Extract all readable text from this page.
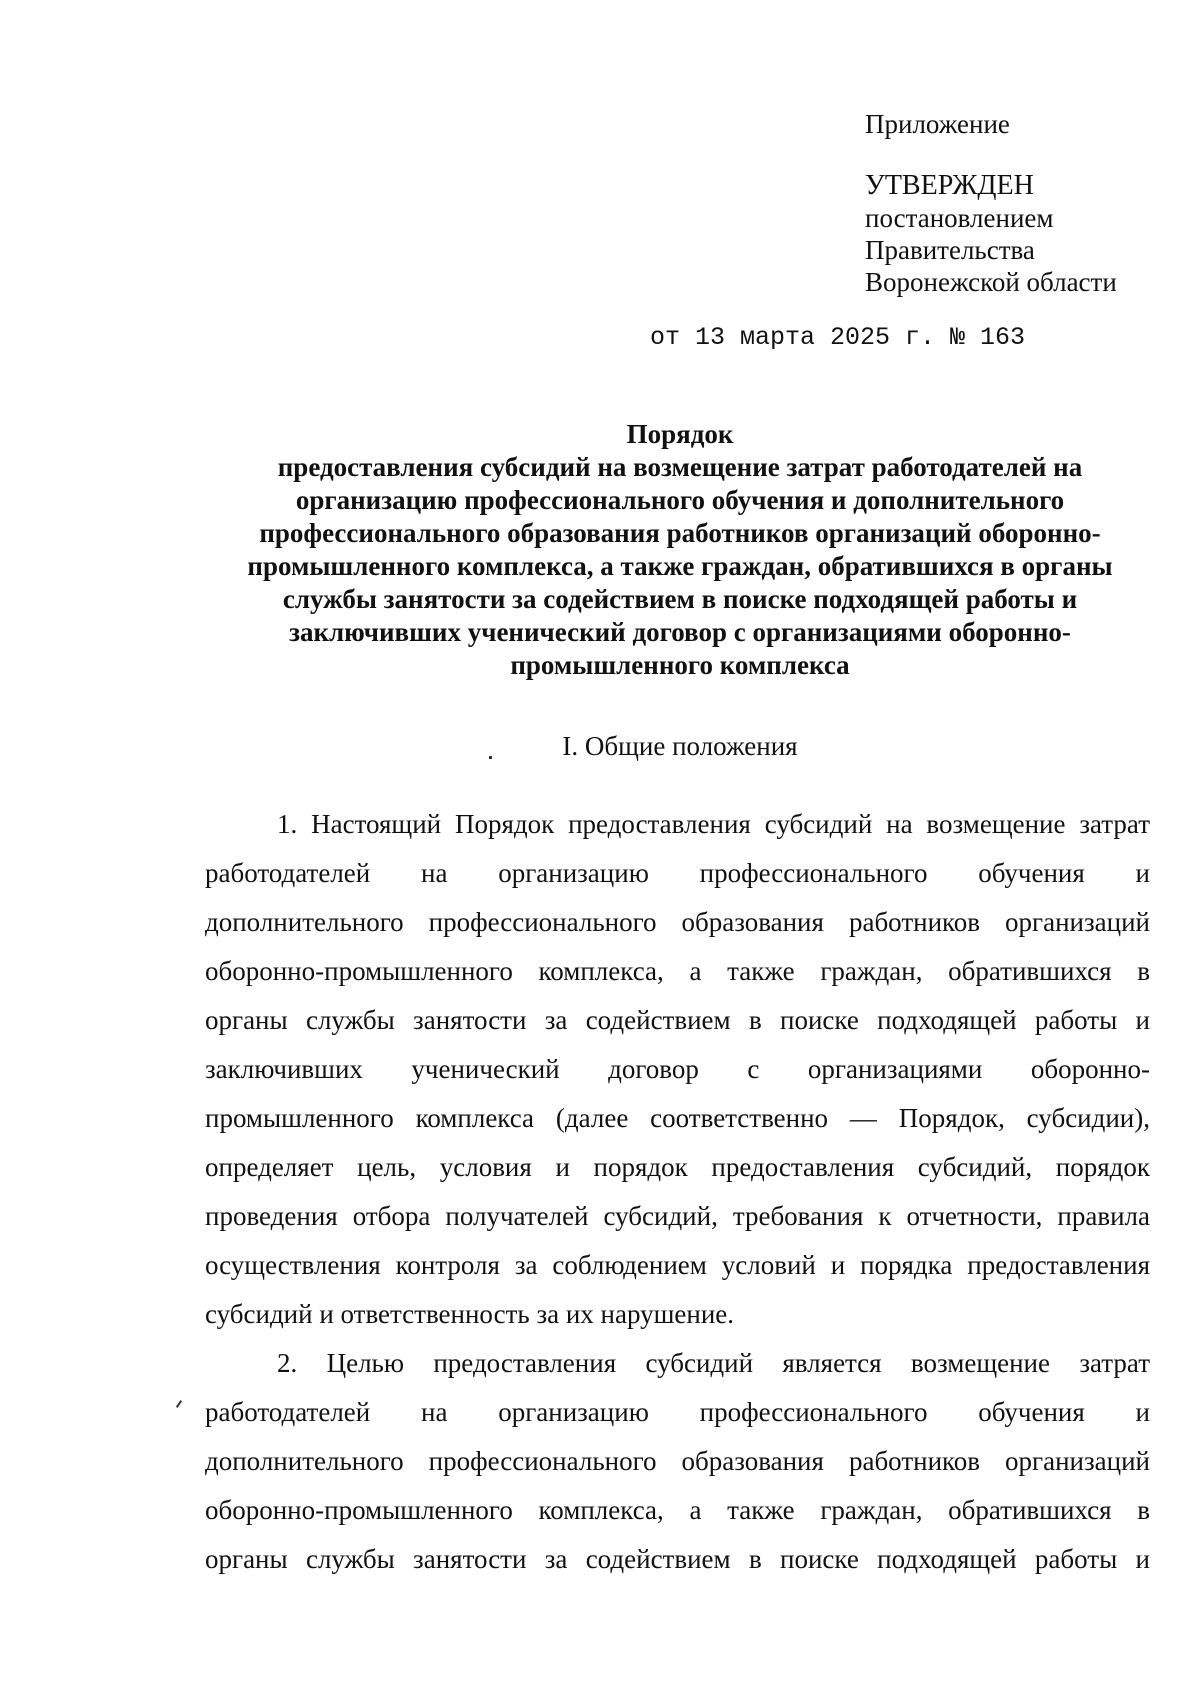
Приложение
УТВЕРЖДЕН
постановлением
Правительства
Воронежской области
от 13 марта 2025 г. № 163
Порядок
предоставления субсидий на возмещение затрат работодателей на
организацию профессионального обучения и дополнительного
профессионального образования работников организаций оборонно-
промышленного комплекса, а также граждан, обратившихся в органы
службы занятости за содействием в поиске подходящей работы и
заключивших ученический договор с организациями оборонно-
промышленного комплекса
I. Общие положения
1. Настоящий Порядок предоставления субсидий на возмещение затрат
работодателей на организацию профессионального обучения и
дополнительного профессионального образования работников организаций
оборонно-промышленного комплекса, а также граждан, обратившихся в
органы службы занятости за содействием в поиске подходящей работы и
заключивших ученический договор с организациями оборонно-
промышленного комплекса (далее соответственно — Порядок, субсидии),
определяет цель, условия и порядок предоставления субсидий, порядок
проведения отбора получателей субсидий, требования к отчетности, правила
осуществления контроля за соблюдением условий и порядка предоставления
субсидий и ответственность за их нарушение.
2. Целью предоставления субсидий является возмещение затрат
работодателей на организацию профессионального обучения и
дополнительного профессионального образования работников организаций
оборонно-промышленного комплекса, а также граждан, обратившихся в
органы службы занятости за содействием в поиске подходящей работы и
